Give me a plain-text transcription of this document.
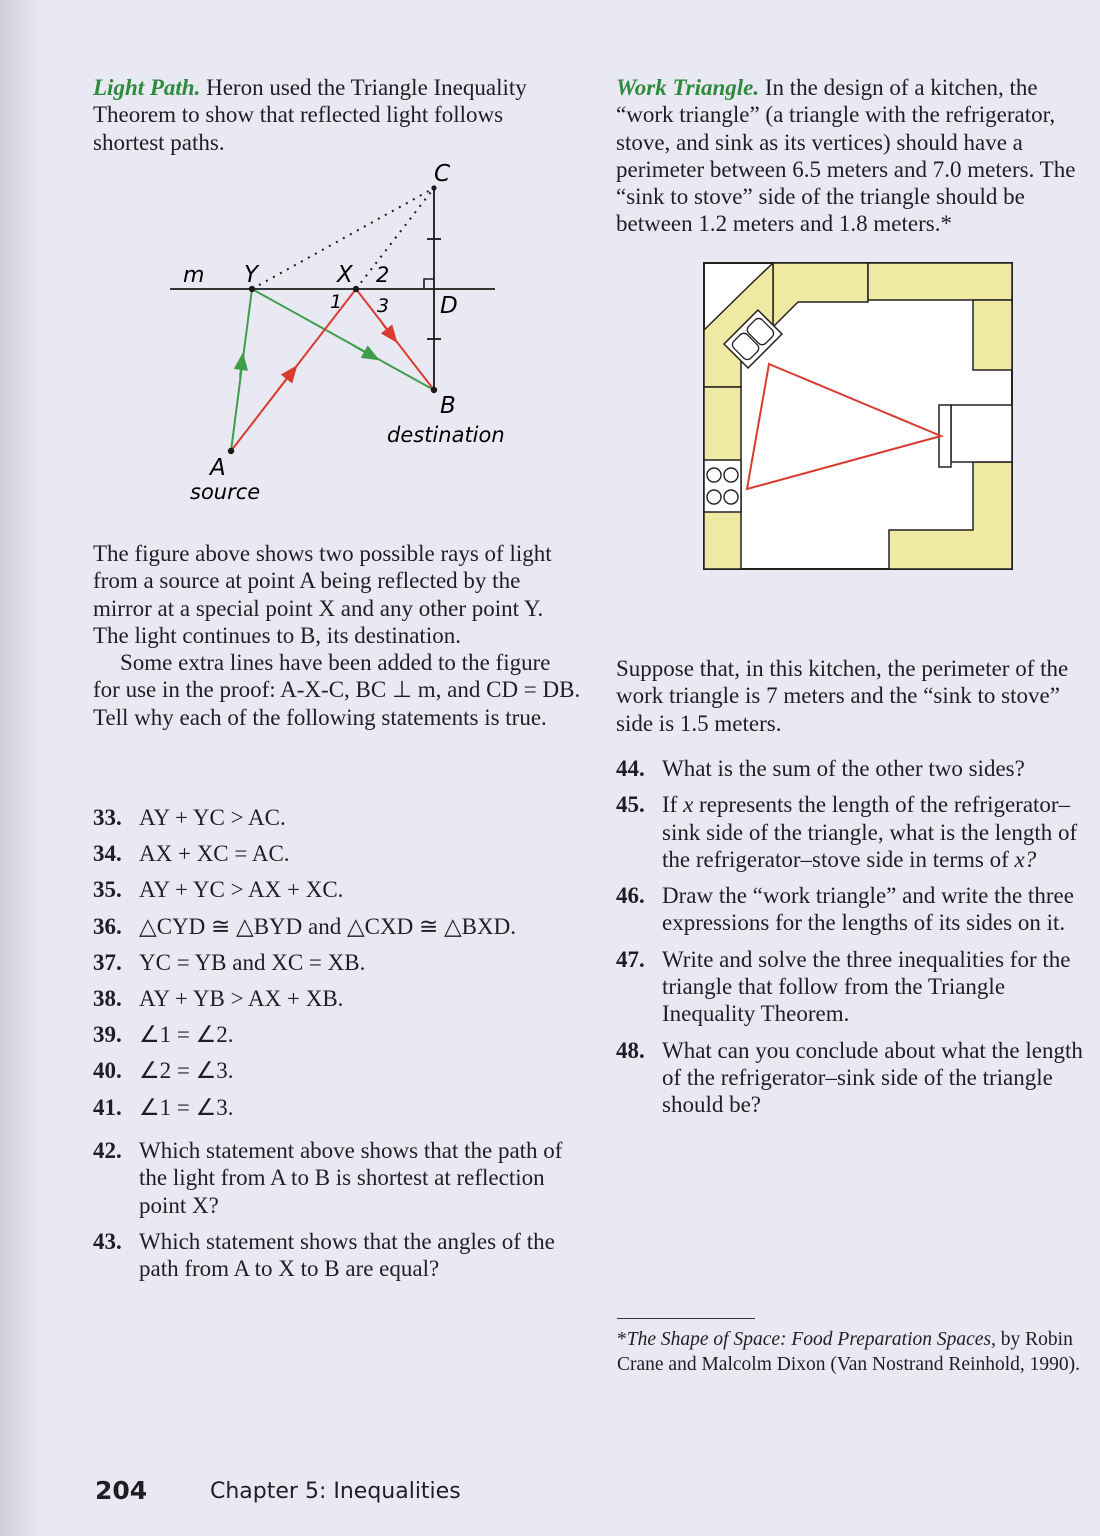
Light Path. Heron used the Triangle Inequality Theorem to show that reflected light follows shortest paths.

C
m Y	X 2
1 3 D
B
destination
A
source

The figure above shows two possible rays of light from a source at point A being reflected by the mirror at a special point X and any other point Y. The light continues to B, its destination.

Some extra lines have been added to the figure for use in the proof: A-X-C, BC ⊥ m, and CD = DB. Tell why each of the following statements is true.

33. AY + YC > AC.
34. AX + XC = AC.
35. AY + YC > AX + XC.
36. △CYD ≅ △BYD and △CXD ≅ △BXD.
37. YC = YB and XC = XB.
38. AY + YB > AX + XB.
39. ∠1 = ∠2.
40. ∠2 = ∠3.
41. ∠1 = ∠3.
42. Which statement above shows that the path of the light from A to B is shortest at reflection point X?
43. Which statement shows that the angles of the path from A to X to B are equal?

Work Triangle. In the design of a kitchen, the “work triangle” (a triangle with the refrigerator, stove, and sink as its vertices) should have a perimeter between 6.5 meters and 7.0 meters. The “sink to stove” side of the triangle should be between 1.2 meters and 1.8 meters.*

Suppose that, in this kitchen, the perimeter of the work triangle is 7 meters and the “sink to stove” side is 1.5 meters.

44. What is the sum of the other two sides?
45. If x represents the length of the refrigerator–sink side of the triangle, what is the length of the refrigerator–stove side in terms of x?
46. Draw the “work triangle” and write the three expressions for the lengths of its sides on it.
47. Write and solve the three inequalities for the triangle that follow from the Triangle Inequality Theorem.
48. What can you conclude about what the length of the refrigerator–sink side of the triangle should be?
*The Shape of Space: Food Preparation Spaces, by Robin Crane and Malcolm Dixon (Van Nostrand Reinhold, 1990).
204	Chapter 5: Inequalities
